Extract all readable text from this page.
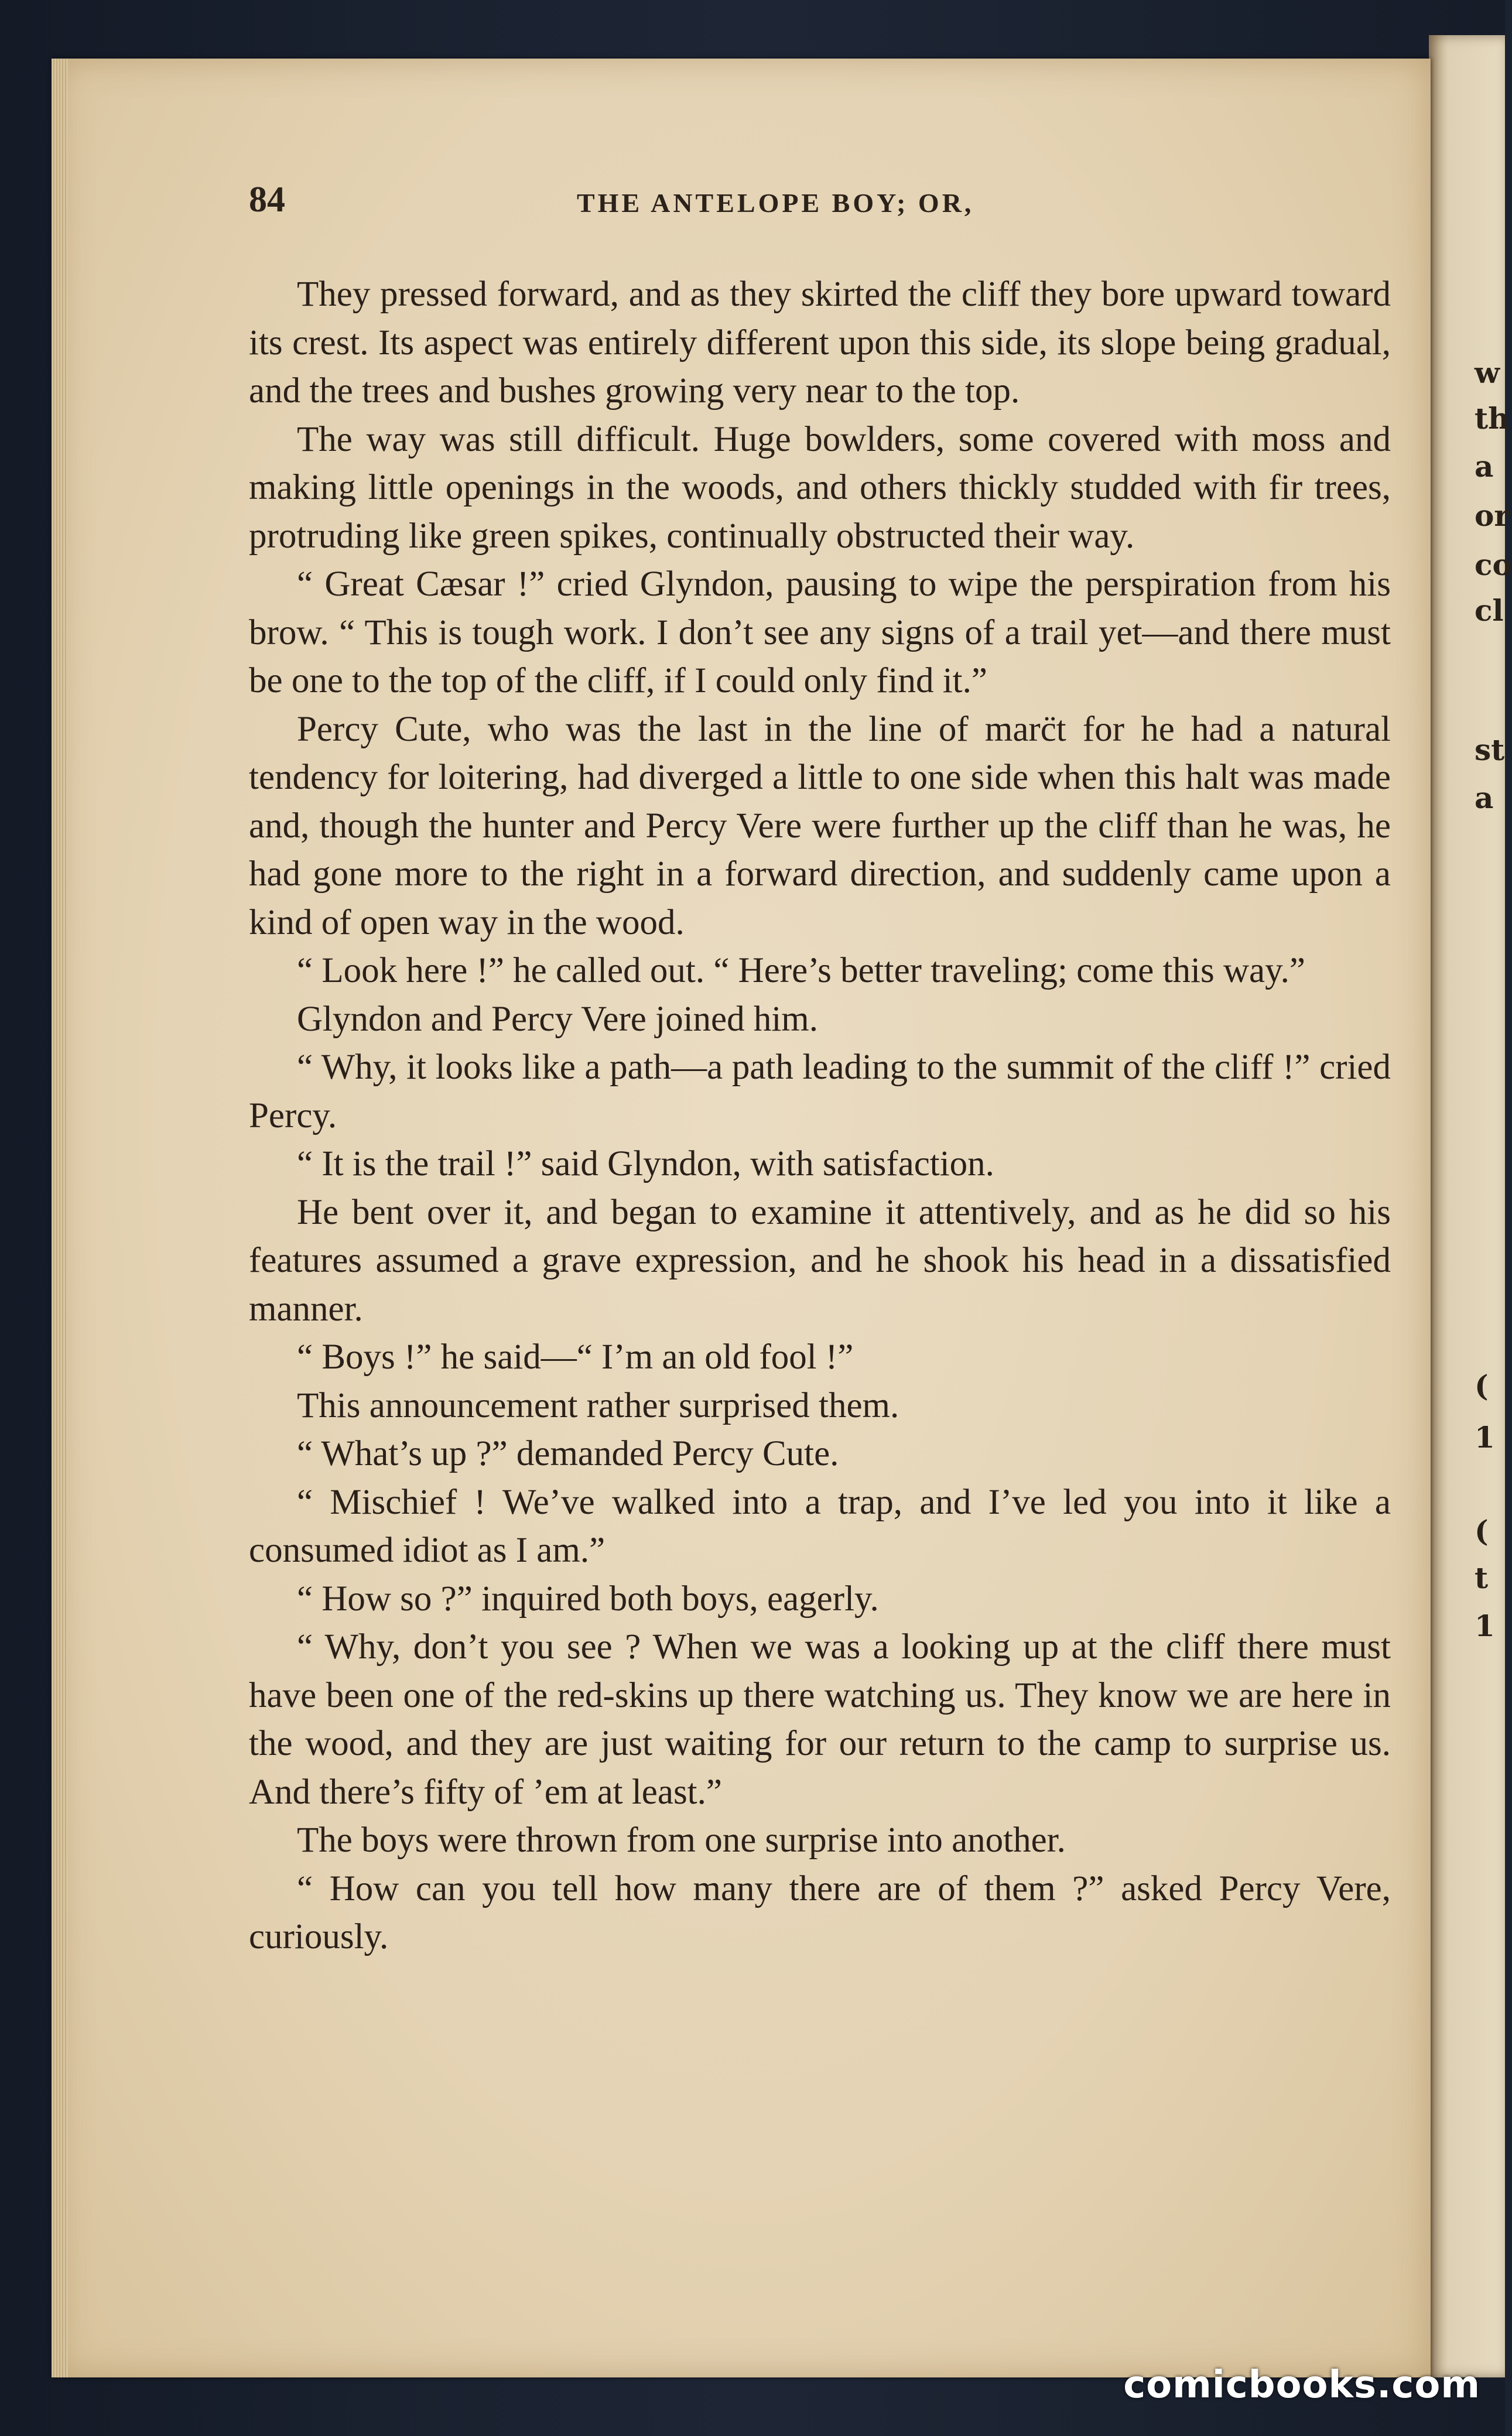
w
th
a
or
co
cl
st
a
(
1
(
t
1
84	THE ANTELOPE BOY; OR,

They pressed forward, and as they skirted the cliff they bore upward toward its crest. Its aspect was entirely different upon this side, its slope being gradual, and the trees and bushes growing very near to the top.

The way was still difficult. Huge bowlders, some covered with moss and making little openings in the woods, and others thickly studded with fir trees, protruding like green spikes, continually obstructed their way.

“ Great Cæsar !” cried Glyndon, pausing to wipe the perspiration from his brow. “ This is tough work. I don’t see any signs of a trail yet—and there must be one to the top of the cliff, if I could only find it.”

Percy Cute, who was the last in the line of marc̈t for he had a natural tendency for loitering, had diverged a little to one side when this halt was made and, though the hunter and Percy Vere were further up the cliff than he was, he had gone more to the right in a forward direction, and suddenly came upon a kind of open way in the wood.

“ Look here !” he called out. “ Here’s better traveling; come this way.”

Glyndon and Percy Vere joined him.

“ Why, it looks like a path—a path leading to the summit of the cliff !” cried Percy.

“ It is the trail !” said Glyndon, with satisfaction.

He bent over it, and began to examine it attentively, and as he did so his features assumed a grave expression, and he shook his head in a dissatisfied manner.

“ Boys !” he said—“ I’m an old fool !”

This announcement rather surprised them.

“ What’s up ?” demanded Percy Cute.

“ Mischief ! We’ve walked into a trap, and I’ve led you into it like a consumed idiot as I am.”

“ How so ?” inquired both boys, eagerly.

“ Why, don’t you see ? When we was a looking up at the cliff there must have been one of the red-skins up there watching us. They know we are here in the wood, and they are just waiting for our return to the camp to surprise us. And there’s fifty of ’em at least.”

The boys were thrown from one surprise into another.

“ How can you tell how many there are of them ?” asked Percy Vere, curiously.

comicbooks.com
